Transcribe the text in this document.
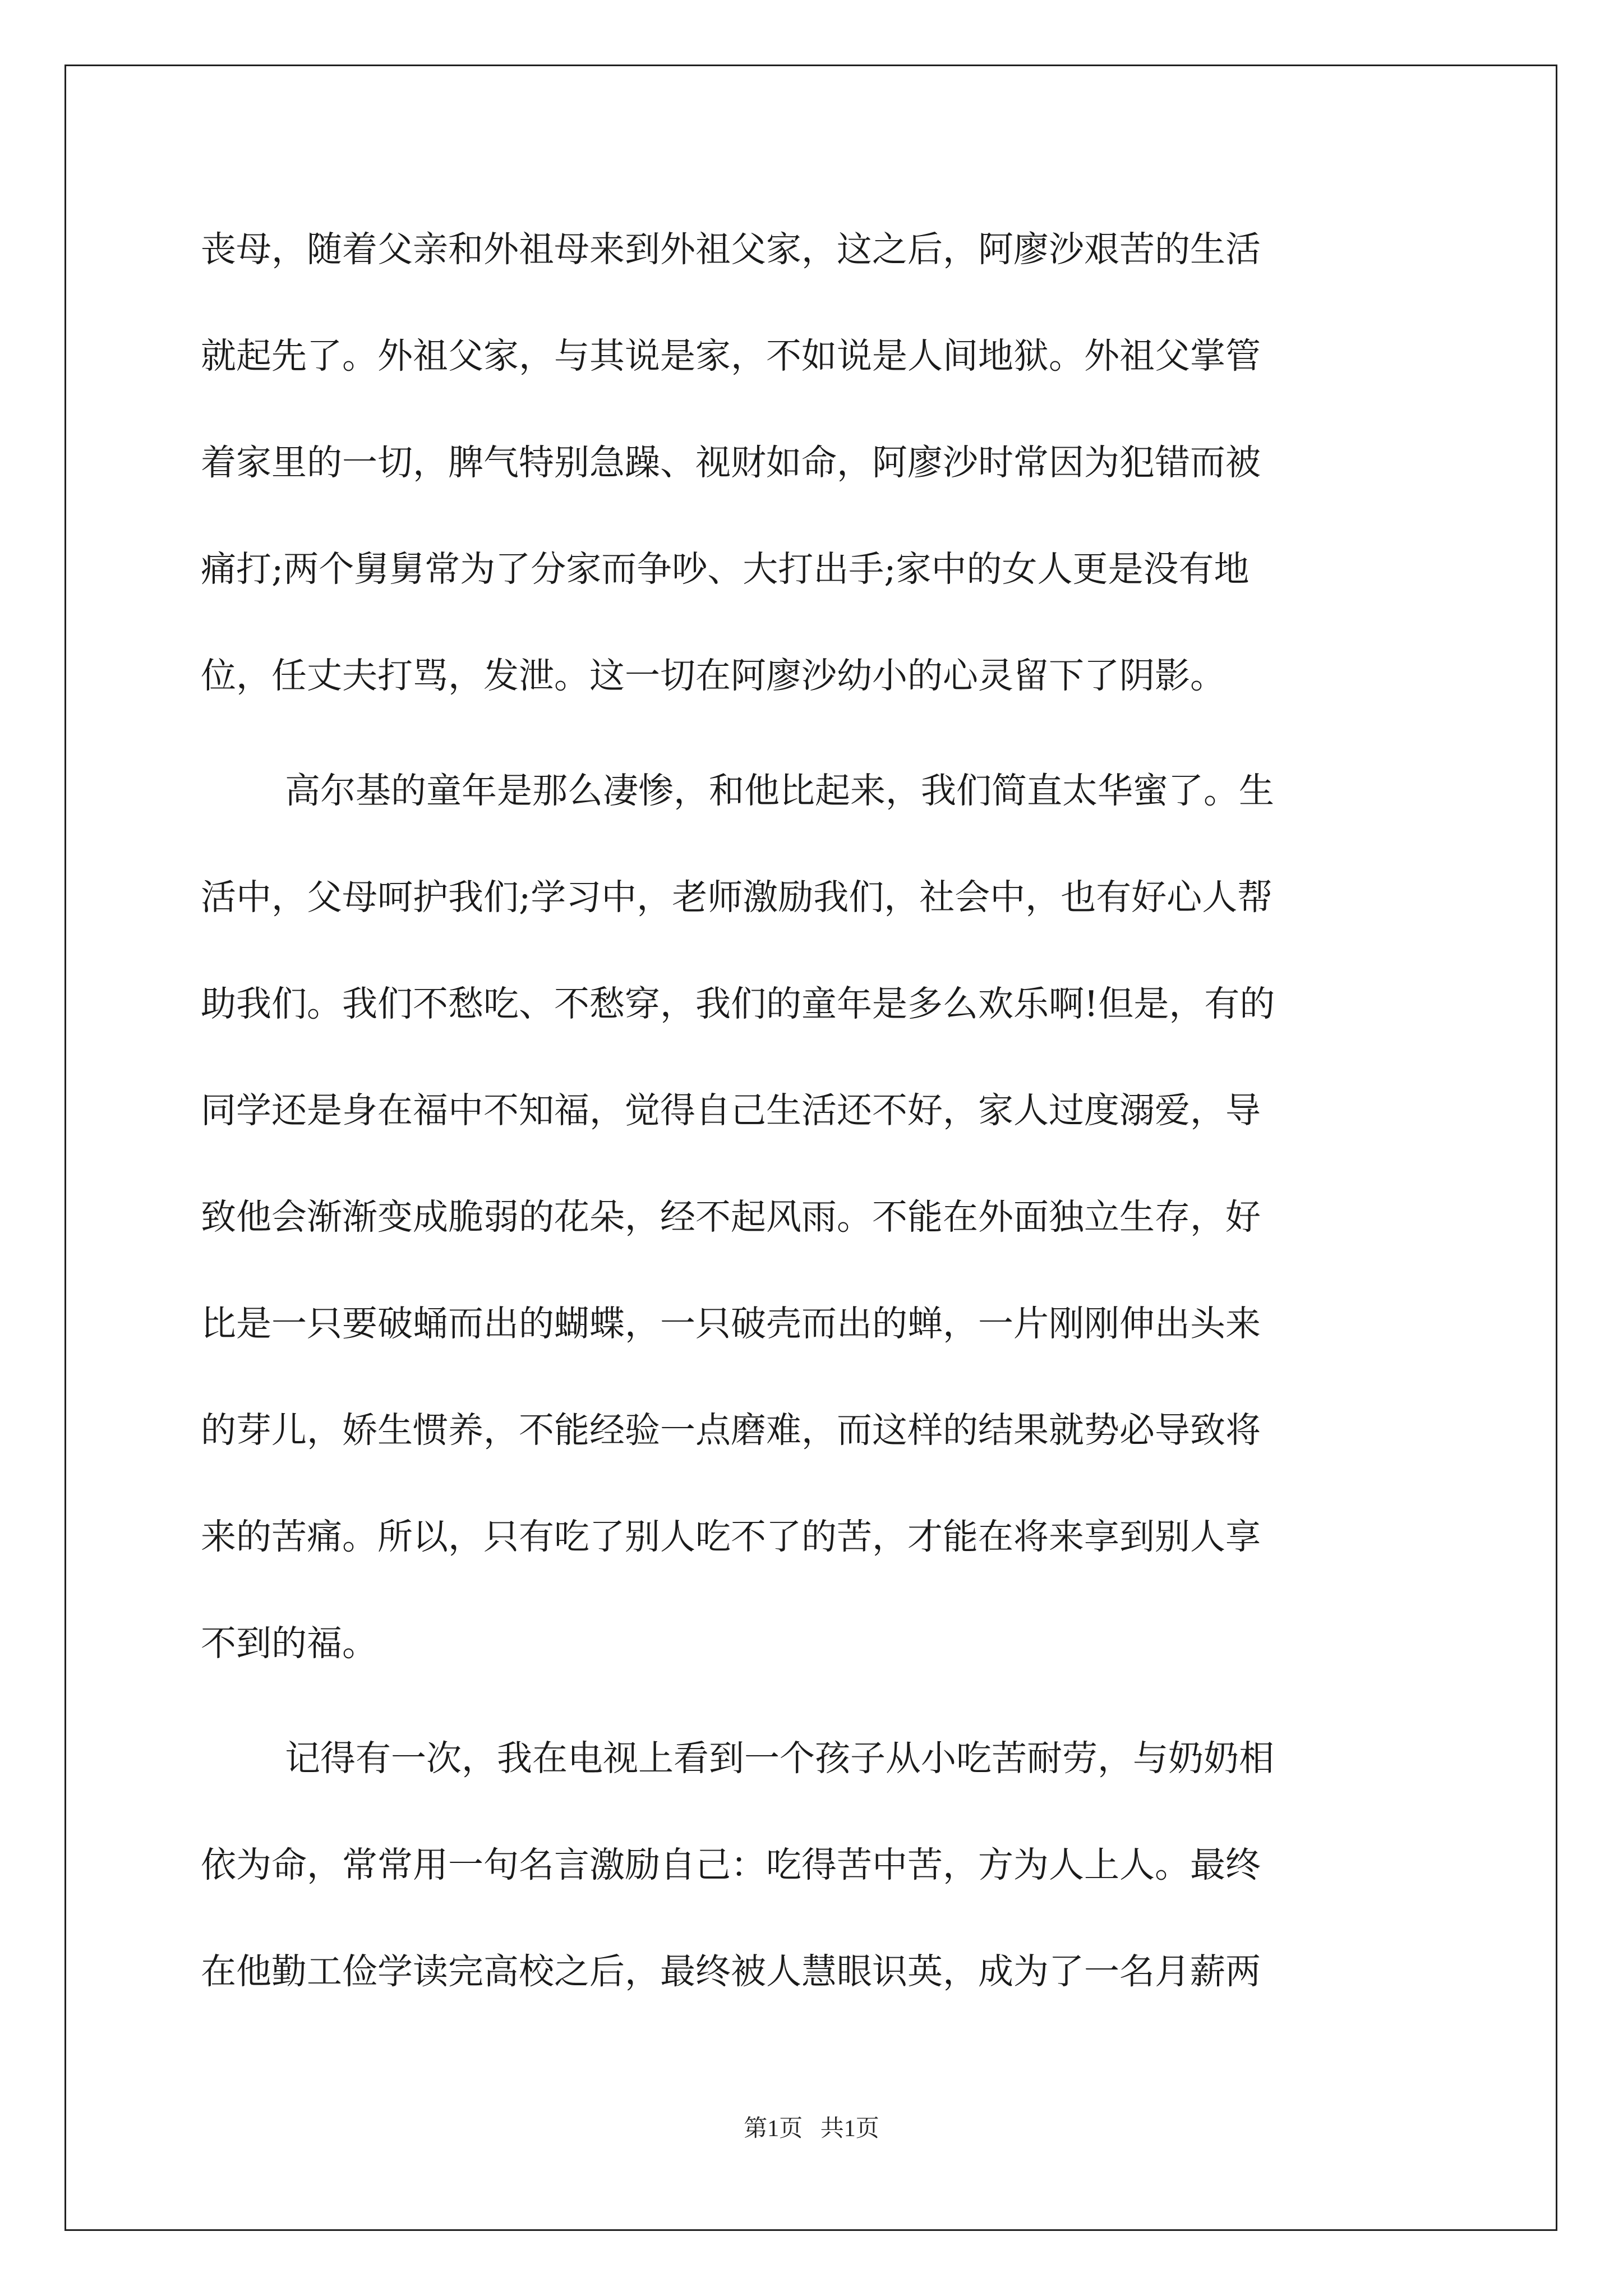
丧母，随着父亲和外祖母来到外祖父家，这之后，阿廖沙艰苦的生活
就起先了。外祖父家，与其说是家，不如说是人间地狱。外祖父掌管
着家里的一切，脾气特别急躁、视财如命，阿廖沙时常因为犯错而被
痛打;两个舅舅常为了分家而争吵、大打出手;家中的女人更是没有地
位，任丈夫打骂，发泄。这一切在阿廖沙幼小的心灵留下了阴影。
高尔基的童年是那么凄惨，和他比起来，我们简直太华蜜了。生
活中，父母呵护我们;学习中，老师激励我们，社会中，也有好心人帮
助我们。我们不愁吃、不愁穿，我们的童年是多么欢乐啊!但是，有的
同学还是身在福中不知福，觉得自己生活还不好，家人过度溺爱，导
致他会渐渐变成脆弱的花朵，经不起风雨。不能在外面独立生存，好
比是一只要破蛹而出的蝴蝶，一只破壳而出的蝉，一片刚刚伸出头来
的芽儿，娇生惯养，不能经验一点磨难，而这样的结果就势必导致将
来的苦痛。所以，只有吃了别人吃不了的苦，才能在将来享到别人享
不到的福。
记得有一次，我在电视上看到一个孩子从小吃苦耐劳，与奶奶相
依为命，常常用一句名言激励自己：吃得苦中苦，方为人上人。最终
在他勤工俭学读完高校之后，最终被人慧眼识英，成为了一名月薪两
第1页   共1页
